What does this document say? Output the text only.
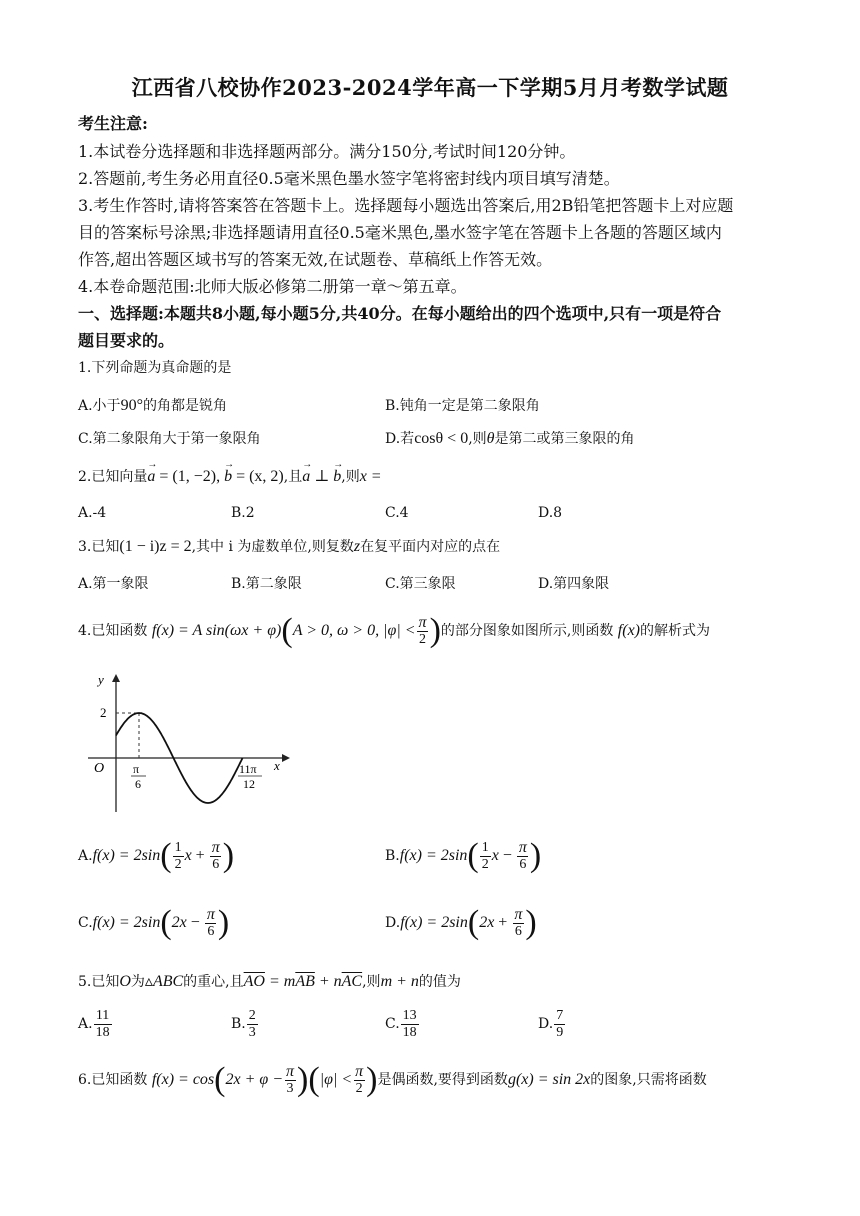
江西省八校协作2023-2024学年高一下学期5月月考数学试题
考生注意:
1.本试卷分选择题和非选择题两部分。满分150分,考试时间120分钟。
2.答题前,考生务必用直径0.5毫米黑色墨水签字笔将密封线内项目填写清楚。
3.考生作答时,请将答案答在答题卡上。选择题每小题选出答案后,用2B铅笔把答题卡上对应题
目的答案标号涂黑;非选择题请用直径0.5毫米黑色,墨水签字笔在答题卡上各题的答题区域内
作答,超出答题区域书写的答案无效,在试题卷、草稿纸上作答无效。
4.本卷命题范围:北师大版必修第二册第一章～第五章。
一、选择题:本题共8小题,每小题5分,共40分。在每小题给出的四个选项中,只有一项是符合
题目要求的。
1.下列命题为真命题的是
A.小于90°的角都是锐角	B.钝角一定是第二象限角
C.第二象限角大于第一象限角	D.若cosθ < 0,则θ是第二或第三象限的角
2.已知向量→ a = (1, −2), → b = (x, 2),且→ a ⊥ → b,则x =
A.-4	B.2	C.4	D.8
3.已知(1 − i)z = 2,其中 i 为虚数单位,则复数z在复平面内对应的点在
A.第一象限	B.第二象限	C.第三象限	D.第四象限
4.已知函数 f(x) = A sin(ωx + φ)(A > 0, ω > 0, $|\varphi| < \frac{\pi}{2}$ )的部分图象如图所示,则函数 f(x)的解析式为
y
x
O
2
π
6
11π
12
$A.f(x) = 2\sin( \frac{1}{2}$ $x + \frac{\pi}{6}$ )	$B.f(x) = 2\sin( \frac{1}{2}$ $x - \frac{\pi}{6}$ )
$C.f(x) = 2\sin(2x - \frac{\pi}{6}$ )	$D.f(x) = 2\sin(2x + \frac{\pi}{6}$ )
5.已知O为▵ABC的重心,且$\overline{AO} = m\overline{AB} + n\overline{AC}$,则m + n的值为
A. $\frac{11}{18}$	B. $\frac{2}{3}$	C. $\frac{13}{18}$	D. $\frac{7}{9}$
6.已知函数 $f(x) = \cos(2x + \varphi - \frac{\pi}{3} )(|\varphi| < \frac{\pi}{2}$ )是偶函数,要得到函数g(x) = sin 2x的图象,只需将函数
